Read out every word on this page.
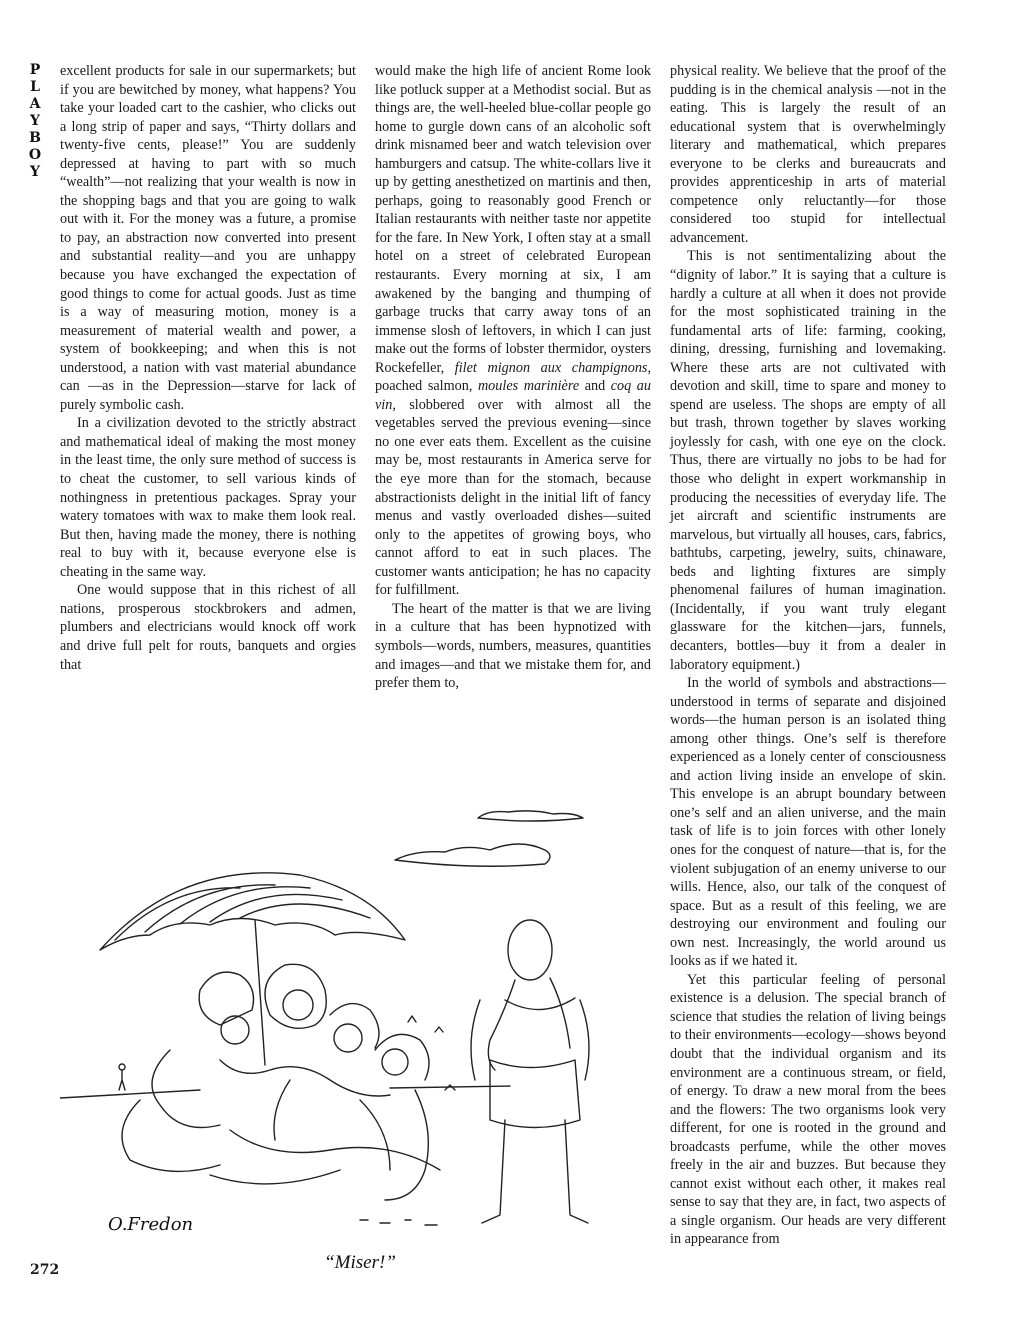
P
L
A
Y
B
O
Y

excellent products for sale in our supermarkets; but if you are bewitched by money, what happens? You take your loaded cart to the cashier, who clicks out a long strip of paper and says, “Thirty dollars and twenty-five cents, please!” You are suddenly depressed at having to part with so much “wealth”—not realizing that your wealth is now in the shopping bags and that you are going to walk out with it. For the money was a future, a promise to pay, an abstraction now converted into present and substantial reality—and you are unhappy because you have exchanged the expectation of good things to come for actual goods. Just as time is a way of measuring motion, money is a measurement of material wealth and power, a system of bookkeeping; and when this is not understood, a nation with vast material abundance can —as in the Depression—starve for lack of purely symbolic cash.

In a civilization devoted to the strictly abstract and mathematical ideal of making the most money in the least time, the only sure method of success is to cheat the customer, to sell various kinds of nothingness in pretentious packages. Spray your watery tomatoes with wax to make them look real. But then, having made the money, there is nothing real to buy with it, because everyone else is cheating in the same way.

One would suppose that in this richest of all nations, prosperous stockbrokers and admen, plumbers and electricians would knock off work and drive full pelt for routs, banquets and orgies that

would make the high life of ancient Rome look like potluck supper at a Methodist social. But as things are, the well-heeled blue-collar people go home to gurgle down cans of an alcoholic soft drink misnamed beer and watch television over hamburgers and catsup. The white-collars live it up by getting anesthetized on martinis and then, perhaps, going to reasonably good French or Italian restaurants with neither taste nor appetite for the fare. In New York, I often stay at a small hotel on a street of celebrated European restaurants. Every morning at six, I am awakened by the banging and thumping of garbage trucks that carry away tons of an immense slosh of leftovers, in which I can just make out the forms of lobster thermidor, oysters Rockefeller, filet mignon aux champignons, poached salmon, moules marinière and coq au vin, slobbered over with almost all the vegetables served the previous evening—since no one ever eats them. Excellent as the cuisine may be, most restaurants in America serve for the eye more than for the stomach, because abstractionists delight in the initial lift of fancy menus and vastly overloaded dishes—suited only to the appetites of growing boys, who cannot afford to eat in such places. The customer wants anticipation; he has no capacity for fulfillment.

The heart of the matter is that we are living in a culture that has been hypnotized with symbols—words, numbers, measures, quantities and images—and that we mistake them for, and prefer them to,

physical reality. We believe that the proof of the pudding is in the chemical analysis —not in the eating. This is largely the result of an educational system that is overwhelmingly literary and mathematical, which prepares everyone to be clerks and bureaucrats and provides apprenticeship in arts of material competence only reluctantly—for those considered too stupid for intellectual advancement.

This is not sentimentalizing about the “dignity of labor.” It is saying that a culture is hardly a culture at all when it does not provide for the most sophisticated training in the fundamental arts of life: farming, cooking, dining, dressing, furnishing and lovemaking. Where these arts are not cultivated with devotion and skill, time to spare and money to spend are useless. The shops are empty of all but trash, thrown together by slaves working joylessly for cash, with one eye on the clock. Thus, there are virtually no jobs to be had for those who delight in expert workmanship in producing the necessities of everyday life. The jet aircraft and scientific instruments are marvelous, but virtually all houses, cars, fabrics, bathtubs, carpeting, jewelry, suits, chinaware, beds and lighting fixtures are simply phenomenal failures of human imagination. (Incidentally, if you want truly elegant glassware for the kitchen—jars, funnels, decanters, bottles—buy it from a dealer in laboratory equipment.)

In the world of symbols and abstractions—understood in terms of separate and disjoined words—the human person is an isolated thing among other things. One’s self is therefore experienced as a lonely center of consciousness and action living inside an envelope of skin. This envelope is an abrupt boundary between one’s self and an alien universe, and the main task of life is to join forces with other lonely ones for the conquest of nature—that is, for the violent subjugation of an enemy universe to our wills. Hence, also, our talk of the conquest of space. But as a result of this feeling, we are destroying our environment and fouling our own nest. Increasingly, the world around us looks as if we hated it.

Yet this particular feeling of personal existence is a delusion. The special branch of science that studies the relation of living beings to their environments—ecology—shows beyond doubt that the individual organism and its environment are a continuous stream, or field, of energy. To draw a new moral from the bees and the flowers: The two organisms look very different, for one is rooted in the ground and broadcasts perfume, while the other moves freely in the air and buzzes. But because they cannot exist without each other, it makes real sense to say that they are, in fact, two aspects of a single organism. Our heads are very different in appearance from

O.Fredon
“Miser!”
272
